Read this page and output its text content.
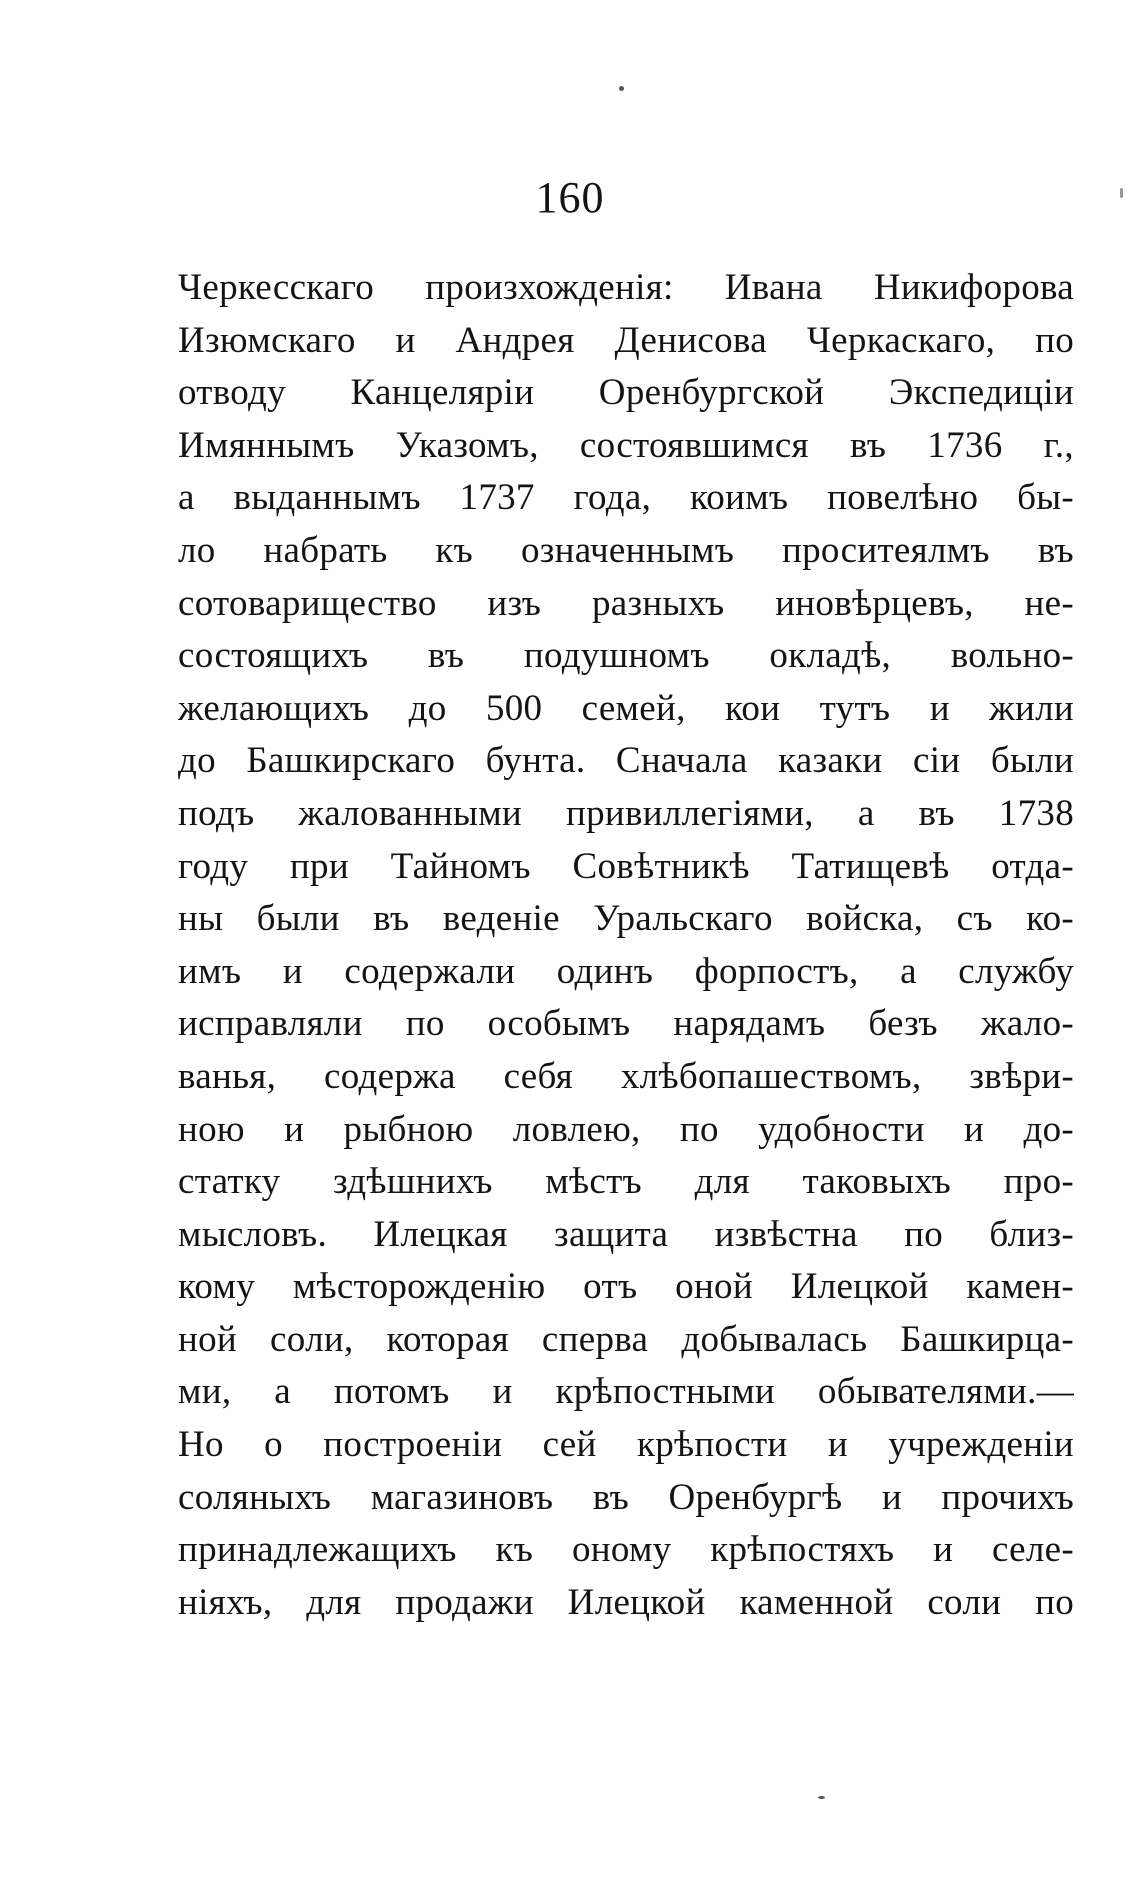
160
Черкесскаго произхожденія: Ивана Никифорова
Изюмскаго и Андрея Денисова Черкаскаго, по
отводу Канцеляріи Оренбургской Экспедиціи
Имяннымъ Указомъ, состоявшимся въ 1736 г.,
а выданнымъ 1737 года, коимъ повелѣно бы-
ло набрать къ означеннымъ проситеялмъ въ
сотоварищество изъ разныхъ иновѣрцевъ, не-
состоящихъ въ подушномъ окладѣ, вольно-
желающихъ до 500 семей, кои тутъ и жили
до Башкирскаго бунта. Сначала казаки сіи были
подъ жалованными привиллегіями, а въ 1738
году при Тайномъ Совѣтникѣ Татищевѣ отда-
ны были въ веденіе Уральскаго войска, съ ко-
имъ и содержали одинъ форпостъ, а службу
исправляли по особымъ нарядамъ безъ жало-
ванья, содержа себя хлѣбопашествомъ, звѣри-
ною и рыбною ловлею, по удобности и до-
статку здѣшнихъ мѣстъ для таковыхъ про-
мысловъ. Илецкая защита извѣстна по близ-
кому мѣсторожденію отъ оной Илецкой камен-
ной соли, которая сперва добывалась Башкирца-
ми, а потомъ и крѣпостными обывателями.—
Но о построеніи сей крѣпости и учрежденіи
соляныхъ магазиновъ въ Оренбургѣ и прочихъ
принадлежащихъ къ оному крѣпостяхъ и селе-
ніяхъ, для продажи Илецкой каменной соли по
